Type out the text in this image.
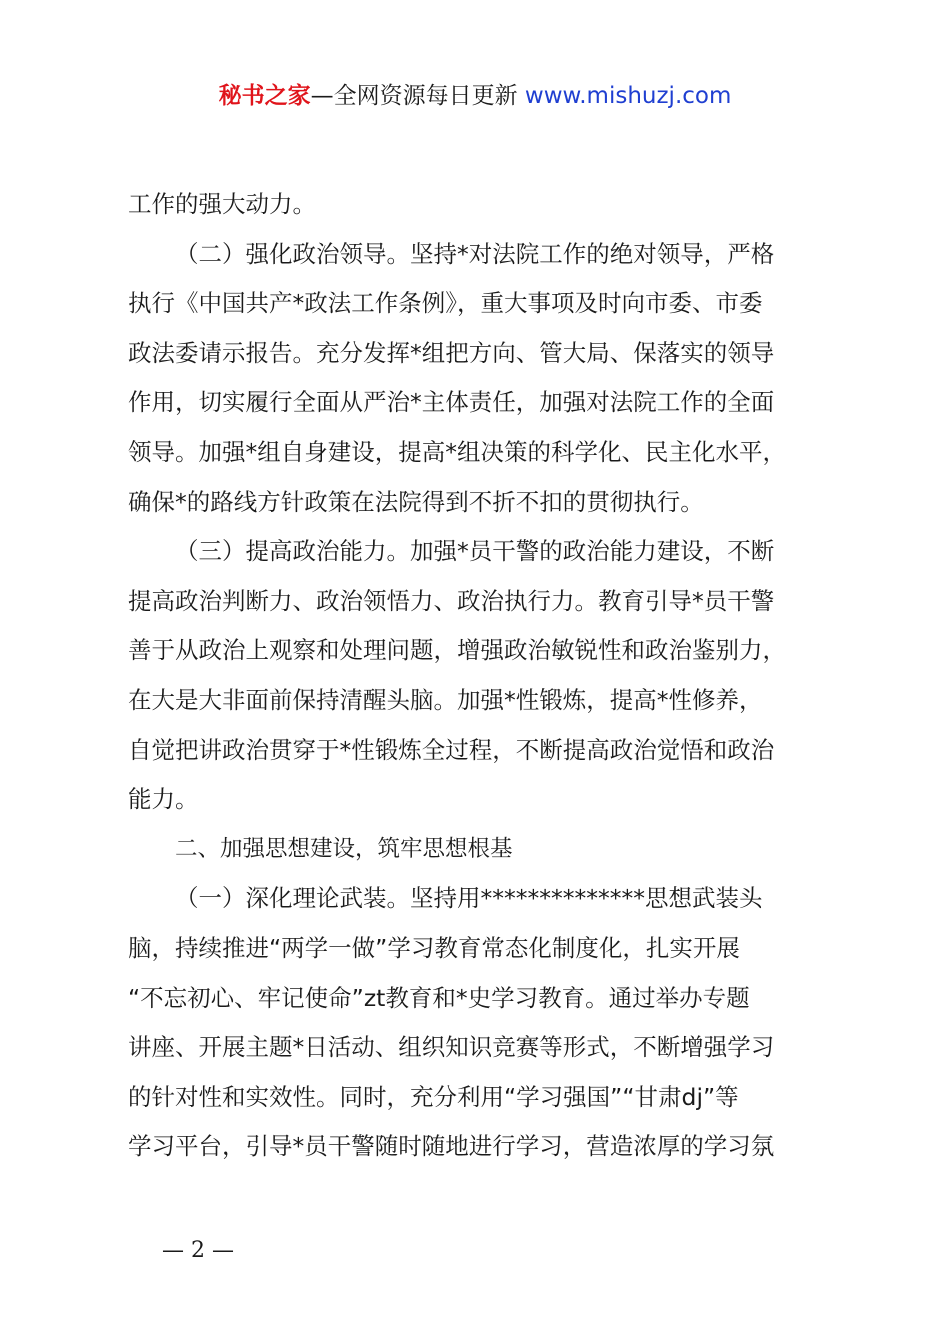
秘书之家—全网资源每日更新 www.mishuzj.com
工作的强大动力。
（二）强化政治领导。坚持*对法院工作的绝对领导，严格
执行《中国共产*政法工作条例》，重大事项及时向市委、市委
政法委请示报告。充分发挥*组把方向、管大局、保落实的领导
作用，切实履行全面从严治*主体责任，加强对法院工作的全面
领导。加强*组自身建设，提高*组决策的科学化、民主化水平，
确保*的路线方针政策在法院得到不折不扣的贯彻执行。
（三）提高政治能力。加强*员干警的政治能力建设，不断
提高政治判断力、政治领悟力、政治执行力。教育引导*员干警
善于从政治上观察和处理问题，增强政治敏锐性和政治鉴别力，
在大是大非面前保持清醒头脑。加强*性锻炼，提高*性修养，
自觉把讲政治贯穿于*性锻炼全过程，不断提高政治觉悟和政治
能力。
二、加强思想建设，筑牢思想根基
（一）深化理论武装。坚持用**************思想武装头
脑，持续推进“两学一做”学习教育常态化制度化，扎实开展
“不忘初心、牢记使命”zt教育和*史学习教育。通过举办专题
讲座、开展主题*日活动、组织知识竞赛等形式，不断增强学习
的针对性和实效性。同时，充分利用“学习强国”“甘肃dj”等
学习平台，引导*员干警随时随地进行学习，营造浓厚的学习氛
— 2 —
